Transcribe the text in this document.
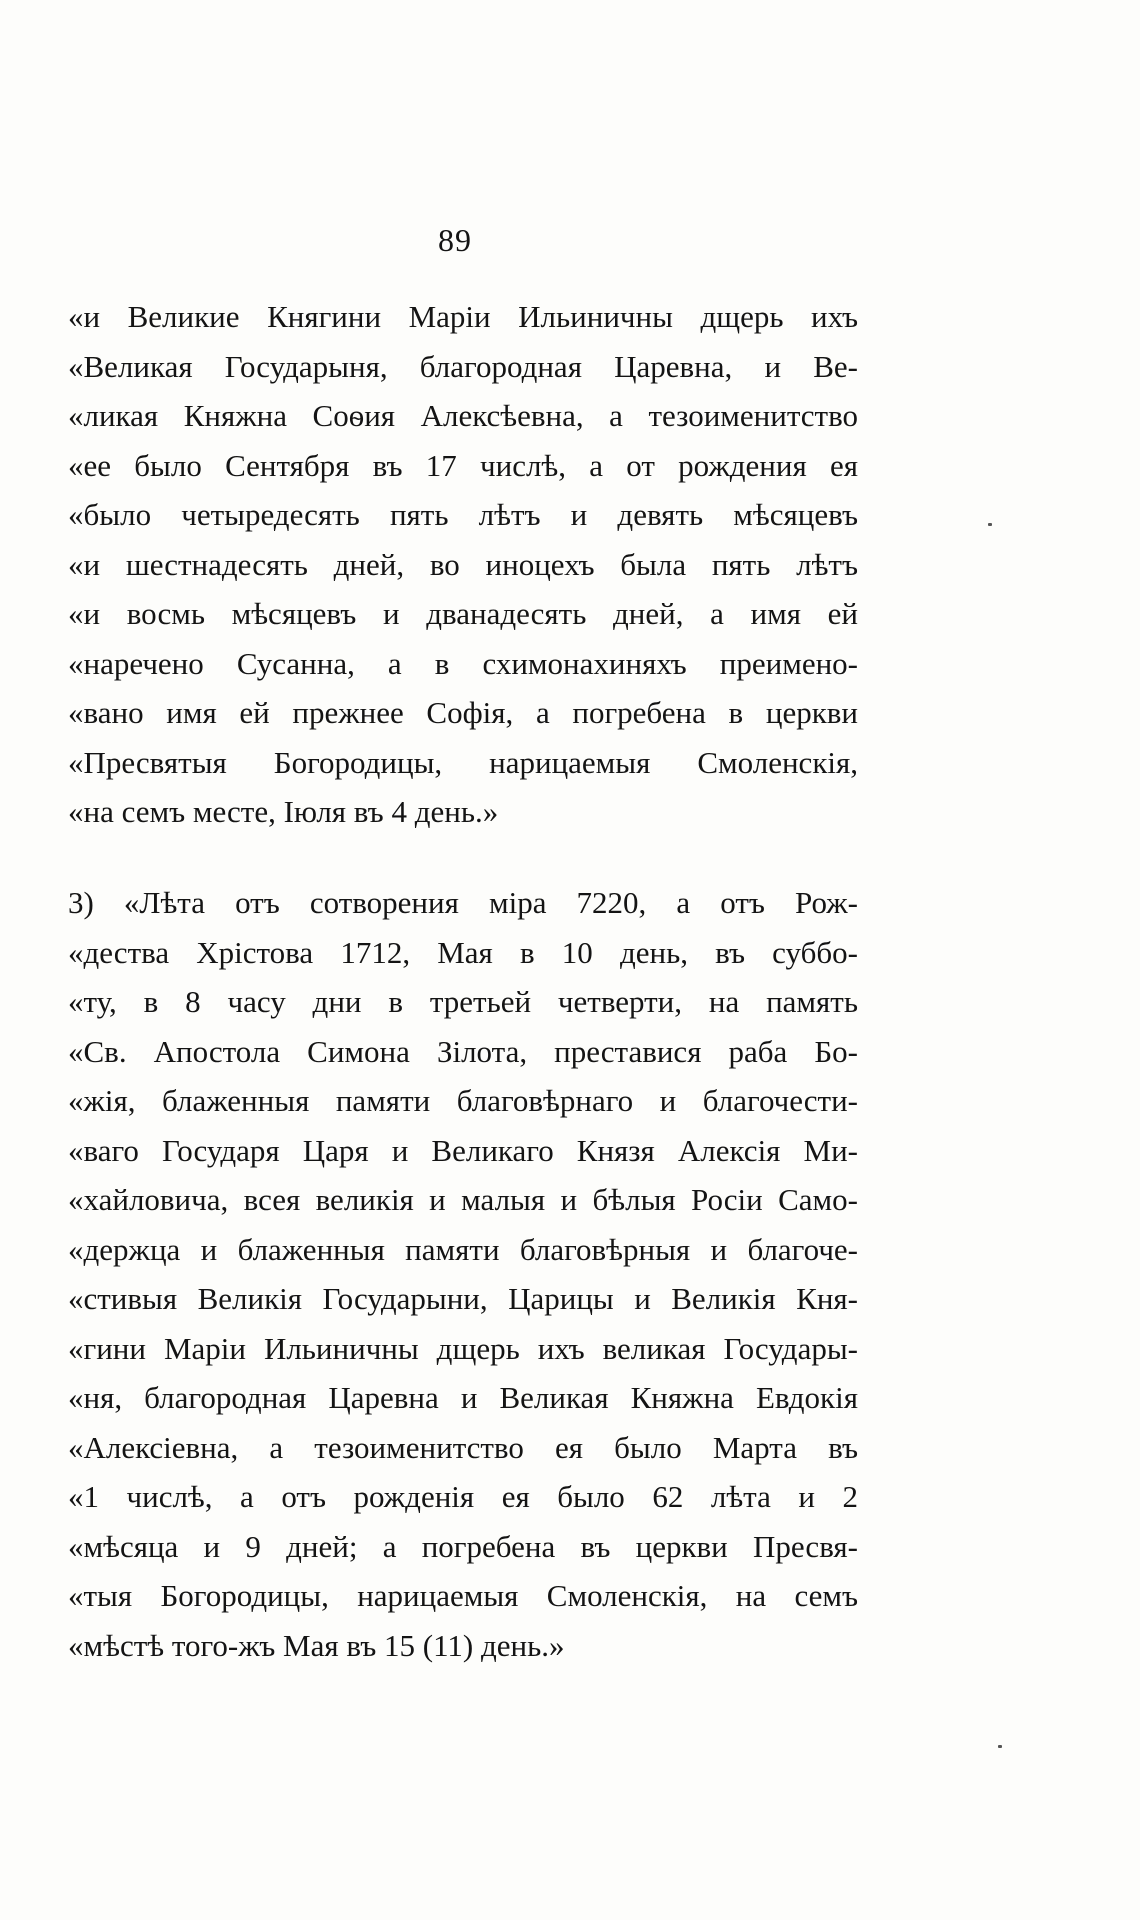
89
«и Великие Княгини Марiи Ильиничны дщерь ихъ
«Великая Государыня, благородная Царевна, и Ве-
«ликая Княжна Соѳия Алексѣевна, а тезоименитство
«ее было Сентября въ 17 числѣ, а от рождения ея
«было четыредесять пять лѣтъ и девять мѣсяцевъ
«и шестнадесять дней, во иноцехъ была пять лѣтъ
«и восмь мѣсяцевъ и дванадесять дней, а имя ей
«наречено Сусанна, а в схимонахиняхъ преимено-
«вано имя ей прежнее Софія, а погребена в церкви
«Пресвятыя Богородицы, нарицаемыя Смоленскія,
«на семъ месте, Іюля въ 4 день.»
3) «Лѣта отъ сотворения міра 7220, а отъ Рож-
«дества Хрістова 1712, Мая в 10 день, въ суббо-
«ту, в 8 часу дни в третьей четверти, на память
«Св. Апостола Симона Зілота, преставися раба Бо-
«жія, блаженныя памяти благовѣрнаго и благочести-
«ваго Государя Царя и Великаго Князя Алексія Ми-
«хайловича, всея великія и малыя и бѣлыя Росіи Само-
«держца и блаженныя памяти благовѣрныя и благоче-
«стивыя Великія Государыни, Царицы и Великія Кня-
«гини Маріи Ильиничны дщерь ихъ великая Государы-
«ня, благородная Царевна и Великая Княжна Евдокія
«Алексіевна, а тезоименитство ея было Марта въ
«1 числѣ, а отъ рожденія ея было 62 лѣта и 2
«мѣсяца и 9 дней; а погребена въ церкви Пресвя-
«тыя Богородицы, нарицаемыя Смоленскія, на семъ
«мѣстѣ того-жъ Мая въ 15 (11) день.»
